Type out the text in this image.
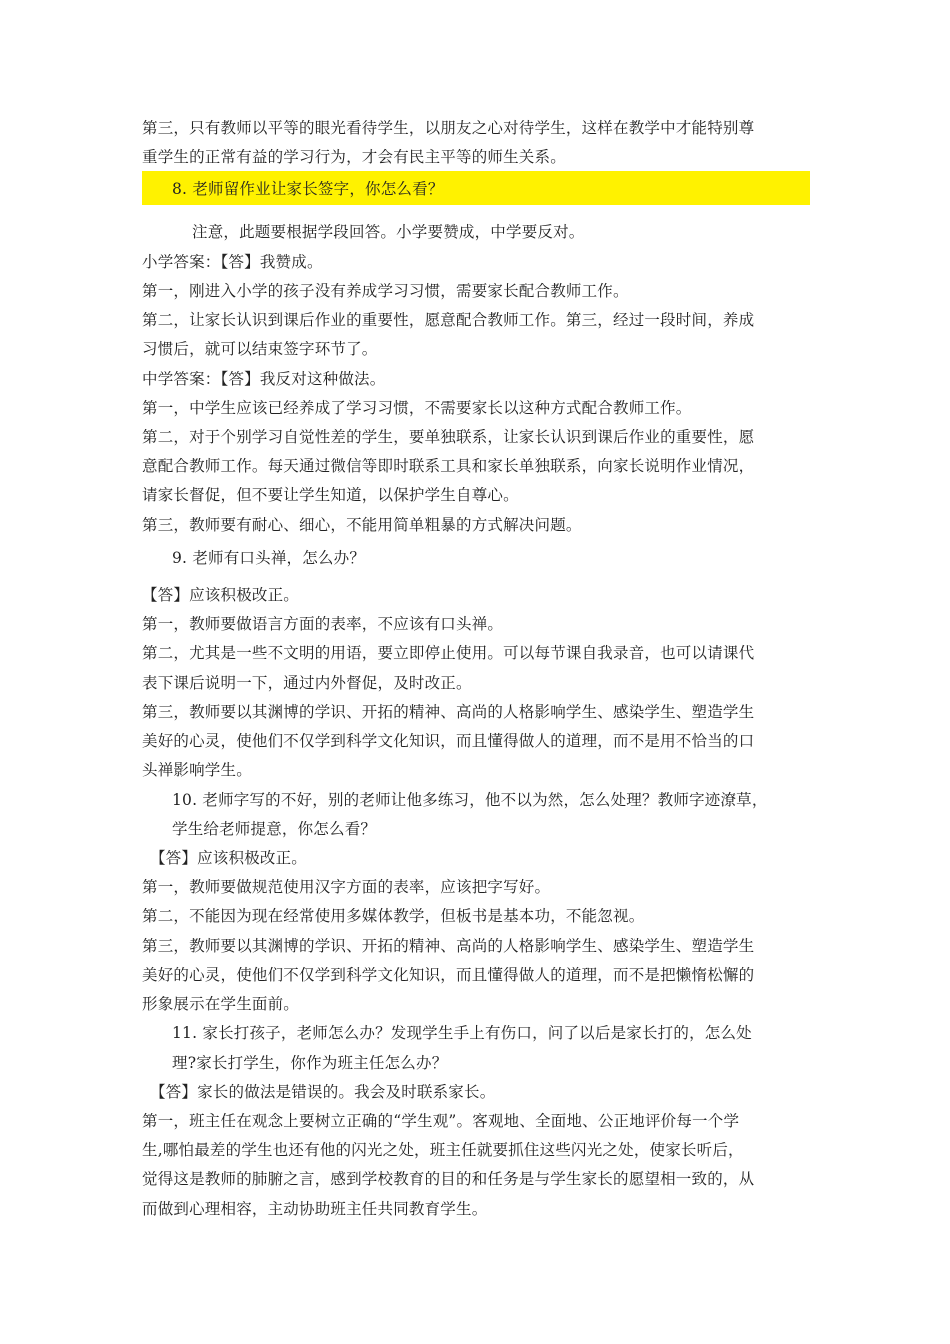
第三，只有教师以平等的眼光看待学生，以朋友之心对待学生，这样在教学中才能特别尊
重学生的正常有益的学习行为，才会有民主平等的师生关系。
8. 老师留作业让家长签字，你怎么看？
注意，此题要根据学段回答。小学要赞成，中学要反对。
小学答案：【答】我赞成。
第一，刚进入小学的孩子没有养成学习习惯，需要家长配合教师工作。
第二，让家长认识到课后作业的重要性，愿意配合教师工作。第三，经过一段时间，养成
习惯后，就可以结束签字环节了。
中学答案：【答】我反对这种做法。
第一，中学生应该已经养成了学习习惯，不需要家长以这种方式配合教师工作。
第二，对于个别学习自觉性差的学生，要单独联系，让家长认识到课后作业的重要性，愿
意配合教师工作。每天通过微信等即时联系工具和家长单独联系，向家长说明作业情况，
请家长督促，但不要让学生知道，以保护学生自尊心。
第三，教师要有耐心、细心，不能用简单粗暴的方式解决问题。
9. 老师有口头禅，怎么办？
【答】应该积极改正。
第一，教师要做语言方面的表率，不应该有口头禅。
第二，尤其是一些不文明的用语，要立即停止使用。可以每节课自我录音，也可以请课代
表下课后说明一下，通过内外督促，及时改正。
第三，教师要以其渊博的学识、开拓的精神、高尚的人格影响学生、感染学生、塑造学生
美好的心灵，使他们不仅学到科学文化知识，而且懂得做人的道理，而不是用不恰当的口
头禅影响学生。
10. 老师字写的不好，别的老师让他多练习，他不以为然，怎么处理？教师字迹潦草，
学生给老师提意，你怎么看？
【答】应该积极改正。
第一，教师要做规范使用汉字方面的表率，应该把字写好。
第二，不能因为现在经常使用多媒体教学，但板书是基本功，不能忽视。
第三，教师要以其渊博的学识、开拓的精神、高尚的人格影响学生、感染学生、塑造学生
美好的心灵，使他们不仅学到科学文化知识，而且懂得做人的道理，而不是把懒惰松懈的
形象展示在学生面前。
11. 家长打孩子，老师怎么办？发现学生手上有伤口，问了以后是家长打的，怎么处
理?家长打学生，你作为班主任怎么办？
【答】家长的做法是错误的。我会及时联系家长。
第一，班主任在观念上要树立正确的“学生观”。客观地、全面地、公正地评价每一个学
生,哪怕最差的学生也还有他的闪光之处，班主任就要抓住这些闪光之处，使家长听后，
觉得这是教师的肺腑之言，感到学校教育的目的和任务是与学生家长的愿望相一致的，从
而做到心理相容，主动协助班主任共同教育学生。
